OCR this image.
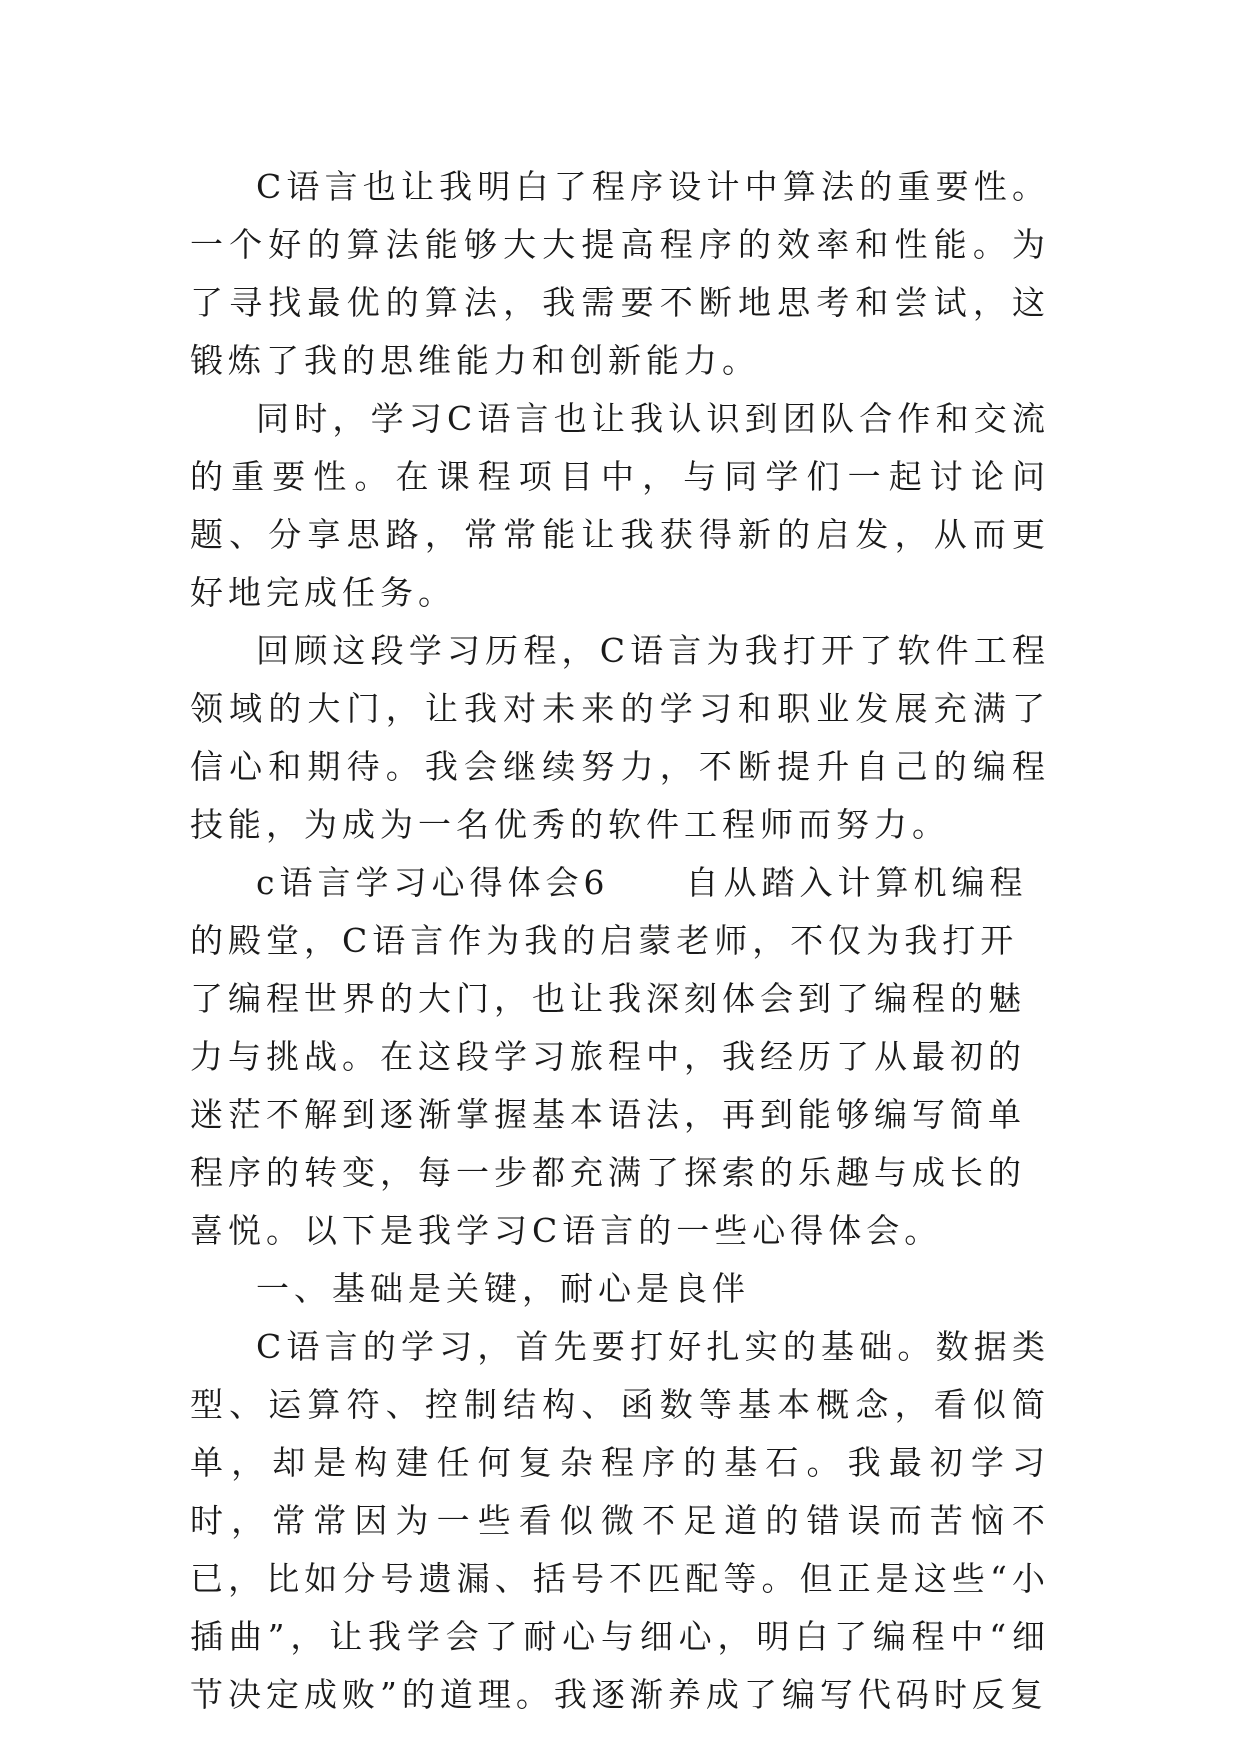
C语言也让我明白了程序设计中算法的重要性。一个好的算法能够大大提高程序的效率和性能。为了寻找最优的算法，我需要不断地思考和尝试，这锻炼了我的思维能力和创新能力。

同时，学习C语言也让我认识到团队合作和交流的重要性。在课程项目中，与同学们一起讨论问题、分享思路，常常能让我获得新的启发，从而更好地完成任务。

回顾这段学习历程，C语言为我打开了软件工程领域的大门，让我对未来的学习和职业发展充满了信心和期待。我会继续努力，不断提升自己的编程技能，为成为一名优秀的软件工程师而努力。

c语言学习心得体会6　　自从踏入计算机编程的殿堂，C语言作为我的启蒙老师，不仅为我打开了编程世界的大门，也让我深刻体会到了编程的魅力与挑战。在这段学习旅程中，我经历了从最初的迷茫不解到逐渐掌握基本语法，再到能够编写简单程序的转变，每一步都充满了探索的乐趣与成长的喜悦。以下是我学习C语言的一些心得体会。

一、基础是关键，耐心是良伴

C语言的学习，首先要打好扎实的基础。数据类型、运算符、控制结构、函数等基本概念，看似简单，却是构建任何复杂程序的基石。我最初学习时，常常因为一些看似微不足道的错误而苦恼不已，比如分号遗漏、括号不匹配等。但正是这些“小插曲”，让我学会了耐心与细心，明白了编程中“细节决定成败”的道理。我逐渐养成了编写代码时反复
